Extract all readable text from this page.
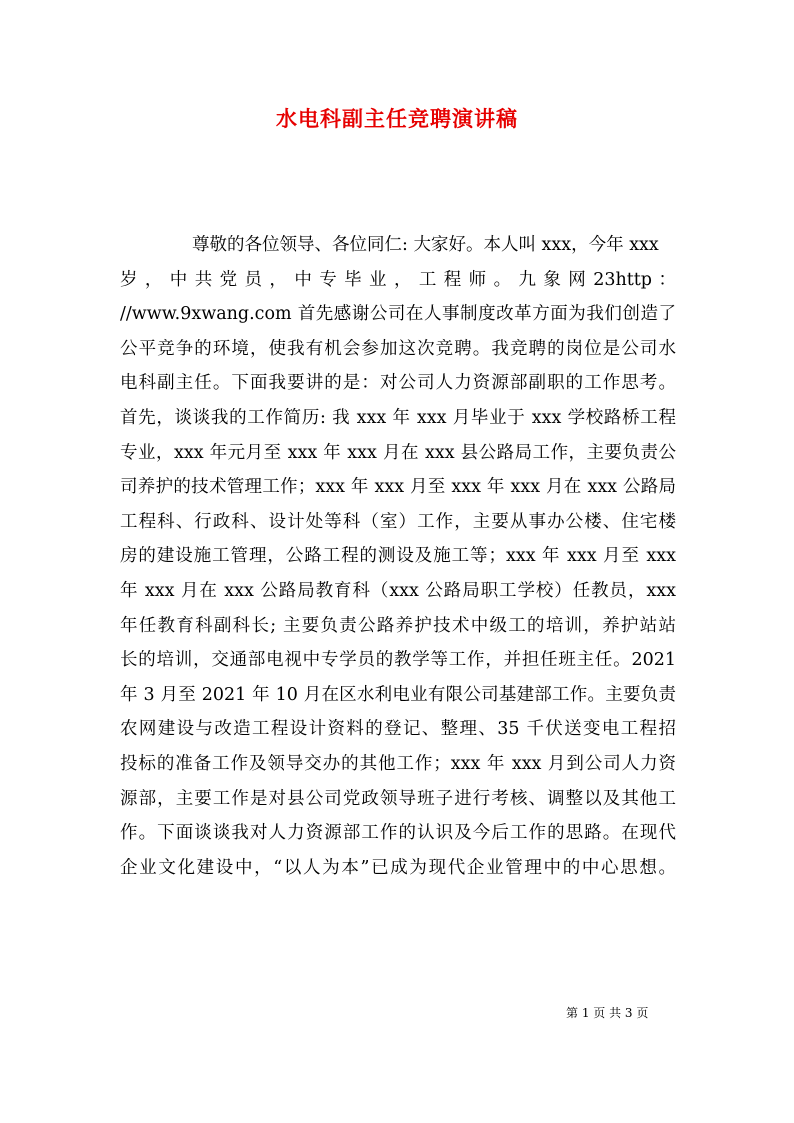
水电科副主任竞聘演讲稿
尊敬的各位领导、各位同仁: 大家好。本人叫 xxx，今年 xxx
岁 ， 中 共 党 员 ， 中 专 毕 业 ， 工 程 师 。 九 象 网 23http ：
//www.9xwang.com 首先感谢公司在人事制度改革方面为我们创造了
公平竞争的环境，使我有机会参加这次竞聘。我竞聘的岗位是公司水
电科副主任。下面我要讲的是：对公司人力资源部副职的工作思考。
首先，谈谈我的工作简历: 我 xxx 年 xxx 月毕业于 xxx 学校路桥工程
专业，xxx 年元月至 xxx 年 xxx 月在 xxx 县公路局工作，主要负责公
司养护的技术管理工作；xxx 年 xxx 月至 xxx 年 xxx 月在 xxx 公路局
工程科、行政科、设计处等科（室）工作，主要从事办公楼、住宅楼
房的建设施工管理，公路工程的测设及施工等；xxx 年 xxx 月至 xxx
年 xxx 月在 xxx 公路局教育科（xxx 公路局职工学校）任教员，xxx
年任教育科副科长; 主要负责公路养护技术中级工的培训，养护站站
长的培训，交通部电视中专学员的教学等工作，并担任班主任。2021
年 3 月至 2021 年 10 月在区水利电业有限公司基建部工作。主要负责
农网建设与改造工程设计资料的登记、整理、35 千伏送变电工程招
投标的准备工作及领导交办的其他工作；xxx 年 xxx 月到公司人力资
源部，主要工作是对县公司党政领导班子进行考核、调整以及其他工
作。下面谈谈我对人力资源部工作的认识及今后工作的思路。在现代
企业文化建设中，“以人为本”已成为现代企业管理中的中心思想。
第 1 页 共 3 页
